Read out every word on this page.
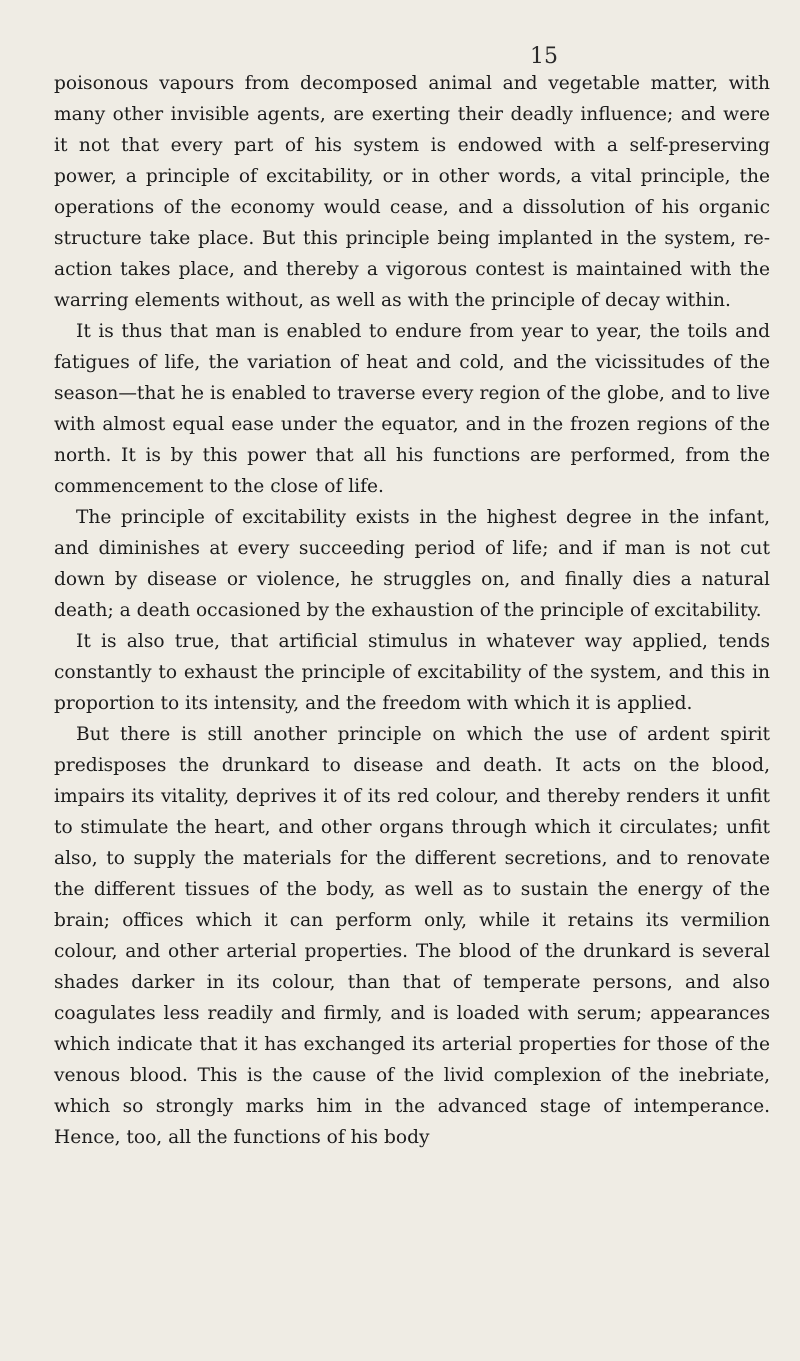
15

poisonous vapours from decomposed animal and vegetable matter, with many other invisible agents, are exerting their deadly influence; and were it not that every part of his system is endowed with a self-preserving power, a principle of excitability, or in other words, a vital principle, the operations of the economy would cease, and a dissolution of his organic structure take place. But this principle being implanted in the system, re-action takes place, and thereby a vigorous contest is maintained with the warring elements without, as well as with the principle of decay within.

It is thus that man is enabled to endure from year to year, the toils and fatigues of life, the variation of heat and cold, and the vicissitudes of the season—that he is enabled to traverse every region of the globe, and to live with almost equal ease under the equator, and in the frozen regions of the north. It is by this power that all his functions are performed, from the commencement to the close of life.

The principle of excitability exists in the highest degree in the infant, and diminishes at every succeeding period of life; and if man is not cut down by disease or violence, he struggles on, and finally dies a natural death; a death occasioned by the exhaustion of the principle of excitability.

It is also true, that artificial stimulus in whatever way applied, tends constantly to exhaust the principle of excitability of the system, and this in proportion to its intensity, and the freedom with which it is applied.

But there is still another principle on which the use of ardent spirit predisposes the drunkard to disease and death. It acts on the blood, impairs its vitality, deprives it of its red colour, and thereby renders it unfit to stimulate the heart, and other organs through which it circulates; unfit also, to supply the materials for the different secretions, and to renovate the different tissues of the body, as well as to sustain the energy of the brain; offices which it can perform only, while it retains its vermilion colour, and other arterial properties. The blood of the drunkard is several shades darker in its colour, than that of temperate persons, and also coagulates less readily and firmly, and is loaded with serum; appearances which indicate that it has exchanged its arterial properties for those of the venous blood. This is the cause of the livid complexion of the inebriate, which so strongly marks him in the advanced stage of intemperance. Hence, too, all the functions of his body
